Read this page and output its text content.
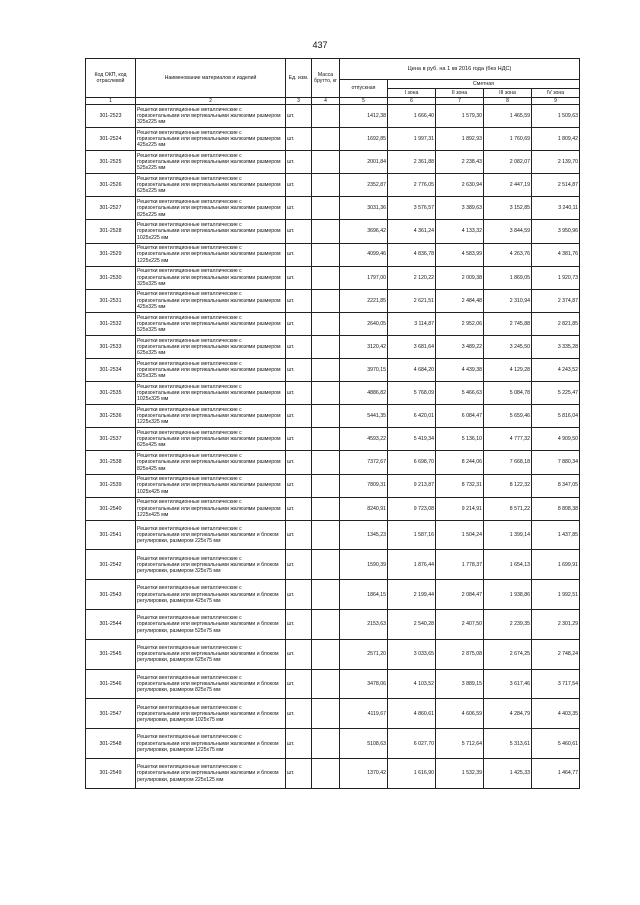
437
Код ОКП, код отраслевой	Наименование материалов и изделий	Ед. изм.	Масса брутто, кг	Цена в руб. на 1 кв 2016 года (без НДС)				
				отпускная	Сметная			
					I зона	II зона	III зона	IV зона
1	2	3	4	5	6	7	8	9
301-2523	Решетки вентиляционные металлические с горизонтальными или вертикальными жалюзями размером 325х225 мм	шт.		1412,38	1 666,40	1 579,30	1 465,59	1 509,63
301-2524	Решетки вентиляционные металлические с горизонтальными или вертикальными жалюзями размером 425х225 мм	шт.		1692,85	1 997,31	1 892,93	1 760,69	1 809,42
301-2525	Решетки вентиляционные металлические с горизонтальными или вертикальными жалюзями размером 525х225 мм	шт.		2001,84	2 361,88	2 238,43	2 082,07	2 139,70
301-2526	Решетки вентиляционные металлические с горизонтальными или вертикальными жалюзями размером 625х225 мм	шт.		2352,87	2 776,05	2 630,94	2 447,19	2 514,87
301-2527	Решетки вентиляционные металлические с горизонтальными или вертикальными жалюзями размером 825х225 мм	шт.		3031,36	3 576,57	3 389,63	3 152,85	3 240,11
301-2528	Решетки вентиляционные металлические с горизонтальными или вертикальными жалюзями размером 1025х225 мм	шт.		3696,42	4 361,24	4 133,32	3 844,59	3 950,96
301-2529	Решетки вентиляционные металлические с горизонтальными или вертикальными жалюзями размером 1225х225 мм	шт.		4099,46	4 836,78	4 583,99	4 263,76	4 381,76
301-2530	Решетки вентиляционные металлические с горизонтальными или вертикальными жалюзями размером 325х325 мм	шт.		1797,00	2 120,22	2 009,38	1 869,05	1 920,73
301-2531	Решетки вентиляционные металлические с горизонтальными или вертикальными жалюзями размером 425х325 мм	шт.		2221,85	2 621,51	2 484,48	2 310,94	2 374,87
301-2532	Решетки вентиляционные металлические с горизонтальными или вертикальными жалюзями размером 525х325 мм	шт.		2640,05	3 114,87	2 952,06	2 745,88	2 821,85
301-2533	Решетки вентиляционные металлические с горизонтальными или вертикальными жалюзями размером 625х325 мм	шт.		3120,42	3 681,64	3 489,22	3 245,50	3 335,28
301-2534	Решетки вентиляционные металлические с горизонтальными или вертикальными жалюзями размером 825х325 мм	шт.		3970,15	4 684,20	4 439,38	4 129,28	4 243,52
301-2535	Решетки вентиляционные металлические с горизонтальными или вертикальными жалюзями размером 1025х325 мм	шт.		4886,82	5 768,09	5 466,63	5 084,78	5 225,47
301-2536	Решетки вентиляционные металлические с горизонтальными или вертикальными жалюзями размером 1225х325 мм	шт.		5441,35	6 420,01	6 084,47	5 659,46	5 816,04
301-2537	Решетки вентиляционные металлические с горизонтальными или вертикальными жалюзями размером 625х425 мм	шт.		4593,22	5 419,34	5 136,10	4 777,32	4 909,50
301-2538	Решетки вентиляционные металлические с горизонтальными или вертикальными жалюзями размером 825х425 мм	шт.		7372,67	6 698,70	8 244,06	7 668,18	7 880,34
301-2539	Решетки вентиляционные металлические с горизонтальными или вертикальными жалюзями размером 1025х425 мм	шт.		7809,31	9 213,87	8 732,31	8 122,32	8 347,05
301-2540	Решетки вентиляционные металлические с горизонтальными или вертикальными жалюзями размером 1225х425 мм	шт.		8240,91	9 723,08	9 214,91	8 571,22	8 808,38
301-2541	Решетки вентиляционные металлические с горизонтальными или вертикальными жалюзями и блоком регулировки, размером 225х75 мм	шт.		1345,23	1 587,16	1 504,24	1 399,14	1 437,85
301-2542	Решетки вентиляционные металлические с горизонтальными или вертикальными жалюзями и блоком регулировки, размером 325х75 мм	шт.		1590,39	1 876,44	1 778,37	1 654,13	1 699,91
301-2543	Решетки вентиляционные металлические с горизонтальными или вертикальными жалюзями и блоком регулировки, размером 425х75 мм	шт.		1864,15	2 199,44	2 084,47	1 938,86	1 992,51
301-2544	Решетки вентиляционные металлические с горизонтальными или вертикальными жалюзями и блоком регулировки, размером 525х75 мм	шт.		2153,63	2 540,28	2 407,50	2 239,35	2 301,29
301-2545	Решетки вентиляционные металлические с горизонтальными или вертикальными жалюзями и блоком регулировки, размером 625х75 мм	шт.		2571,20	3 033,65	2 875,08	2 674,25	2 748,24
301-2546	Решетки вентиляционные металлические с горизонтальными или вертикальными жалюзями и блоком регулировки, размером 825х75 мм	шт.		3478,06	4 103,52	3 889,15	3 617,46	3 717,54
301-2547	Решетки вентиляционные металлические с горизонтальными или вертикальными жалюзями и блоком регулировки, размером 1025х75 мм	шт.		4119,67	4 860,61	4 606,59	4 284,79	4 403,35
301-2548	Решетки вентиляционные металлические с горизонтальными или вертикальными жалюзями и блоком регулировки, размером 1225х75 мм	шт.		5108,63	6 027,70	5 712,64	5 313,61	5 460,61
301-2549	Решетки вентиляционные металлические с горизонтальными или вертикальными жалюзями и блоком регулировки, размером 225х125 мм	шт.		1370,42	1 616,90	1 532,39	1 425,33	1 464,77
